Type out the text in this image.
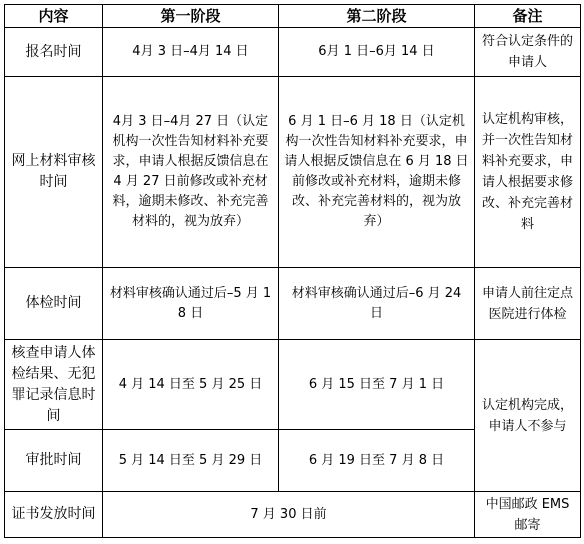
内容	第一阶段	第二阶段	备注
报名时间	4月 3 日–4月 14 日	6月 1 日–6月 14 日	符合认定条件的申请人
网上材料审核时间	4月 3 日–4月 27 日（认定机构一次性告知材料补充要求，申请人根据反馈信息在 4 月 27 日前修改或补充材料，逾期未修改、补充完善材料的，视为放弃）	6 月 1 日–6 月 18 日（认定机构一次性告知材料补充要求，申请人根据反馈信息在 6 月 18 日前修改或补充材料，逾期未修改、补充完善材料的，视为放弃）	认定机构审核，并一次性告知材料补充要求，申请人根据要求修改、补充完善材料
体检时间	材料审核确认通过后–5 月 18 日	材料审核确认通过后–6 月 24 日	申请人前往定点医院进行体检
核查申请人体检结果、无犯罪记录信息时间	4 月 14 日至 5 月 25 日	6 月 15 日至 7 月 1 日	认定机构完成，申请人不参与
审批时间	5 月 14 日至 5 月 29 日	6 月 19 日至 7 月 8 日	
证书发放时间	7 月 30 日前		中国邮政 EMS 邮寄
